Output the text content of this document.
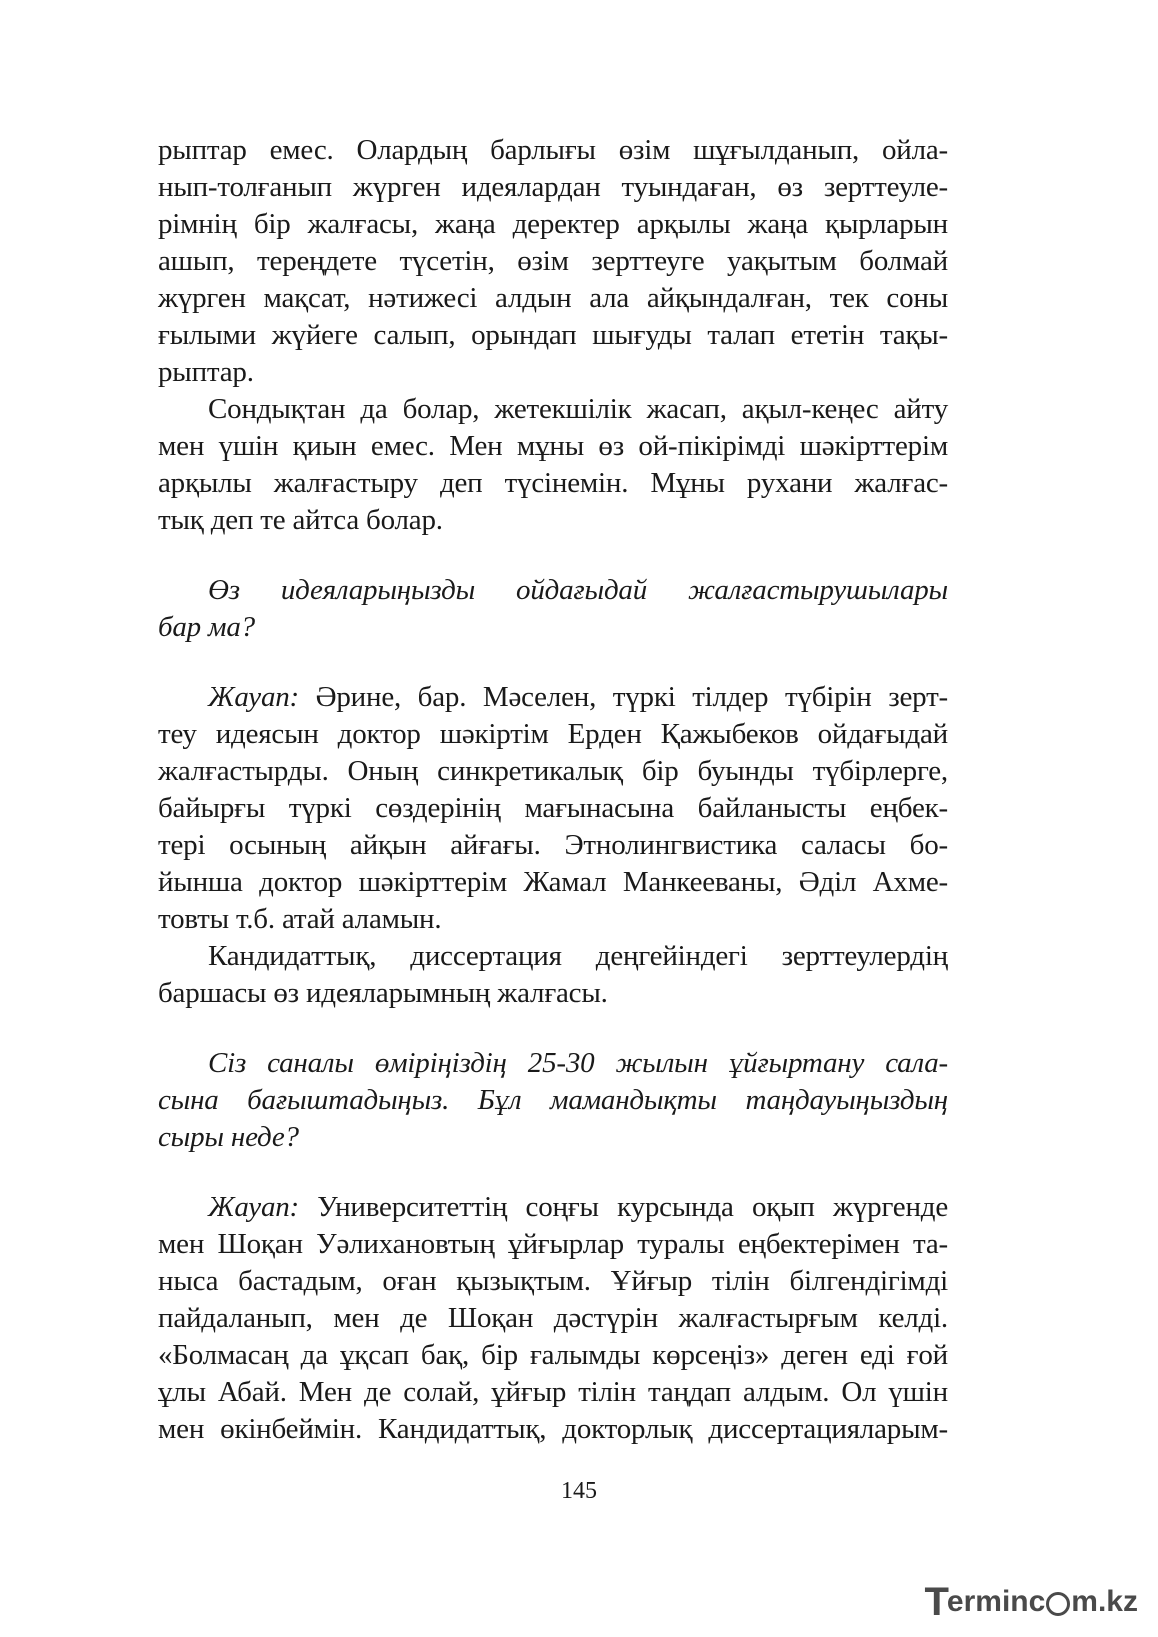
рыптар емес. Олардың барлығы өзім шұғылданып, ойла-
нып-толғанып жүрген идеялардан туындаған, өз зерттеуле-
рімнің бір жалғасы, жаңа деректер арқылы жаңа қырларын
ашып, тереңдете түсетін, өзім зерттеуге уақытым болмай
жүрген мақсат, нәтижесі алдын ала айқындалған, тек соны
ғылыми жүйеге салып, орындап шығуды талап ететін тақы-
рыптар.

Сондықтан да болар, жетекшілік жасап, ақыл-кеңес айту
мен үшін қиын емес. Мен мұны өз ой-пікірімді шәкірттерім
арқылы жалғастыру деп түсінемін. Мұны рухани жалғас-
тық деп те айтса болар.

Өз идеяларыңызды ойдағыдай жалғастырушылары
бар ма?

Жауап: Әрине, бар. Мәселен, түркі тілдер түбірін зерт-
теу идеясын доктор шәкіртім Ерден Қажыбеков ойдағыдай
жалғастырды. Оның синкретикалық бір буынды түбірлерге,
байырғы түркі сөздерінің мағынасына байланысты еңбек-
тері осының айқын айғағы. Этнолингвистика саласы бо-
йынша доктор шәкірттерім Жамал Манкееваны, Әділ Ахме-
товты т.б. атай аламын.

Кандидаттық, диссертация деңгейіндегі зерттеулердің
баршасы өз идеяларымның жалғасы.

Сіз саналы өміріңіздің 25-30 жылын ұйғыртану сала-
сына бағыштадыңыз. Бұл мамандықты таңдауыңыздың
сыры неде?

Жауап: Университеттің соңғы курсында оқып жүргенде
мен Шоқан Уәлихановтың ұйғырлар туралы еңбектерімен та-
ныса бастадым, оған қызықтым. Ұйғыр тілін білгендігімді
пайдаланып, мен де Шоқан дәстүрін жалғастырғым келді.
«Болмасаң да ұқсап бақ, бір ғалымды көрсеңіз» деген еді ғой
ұлы Абай. Мен де солай, ұйғыр тілін таңдап алдым. Ол үшін
мен өкінбеймін. Кандидаттық, докторлық диссертацияларым-

145
T
erminc m.kz
